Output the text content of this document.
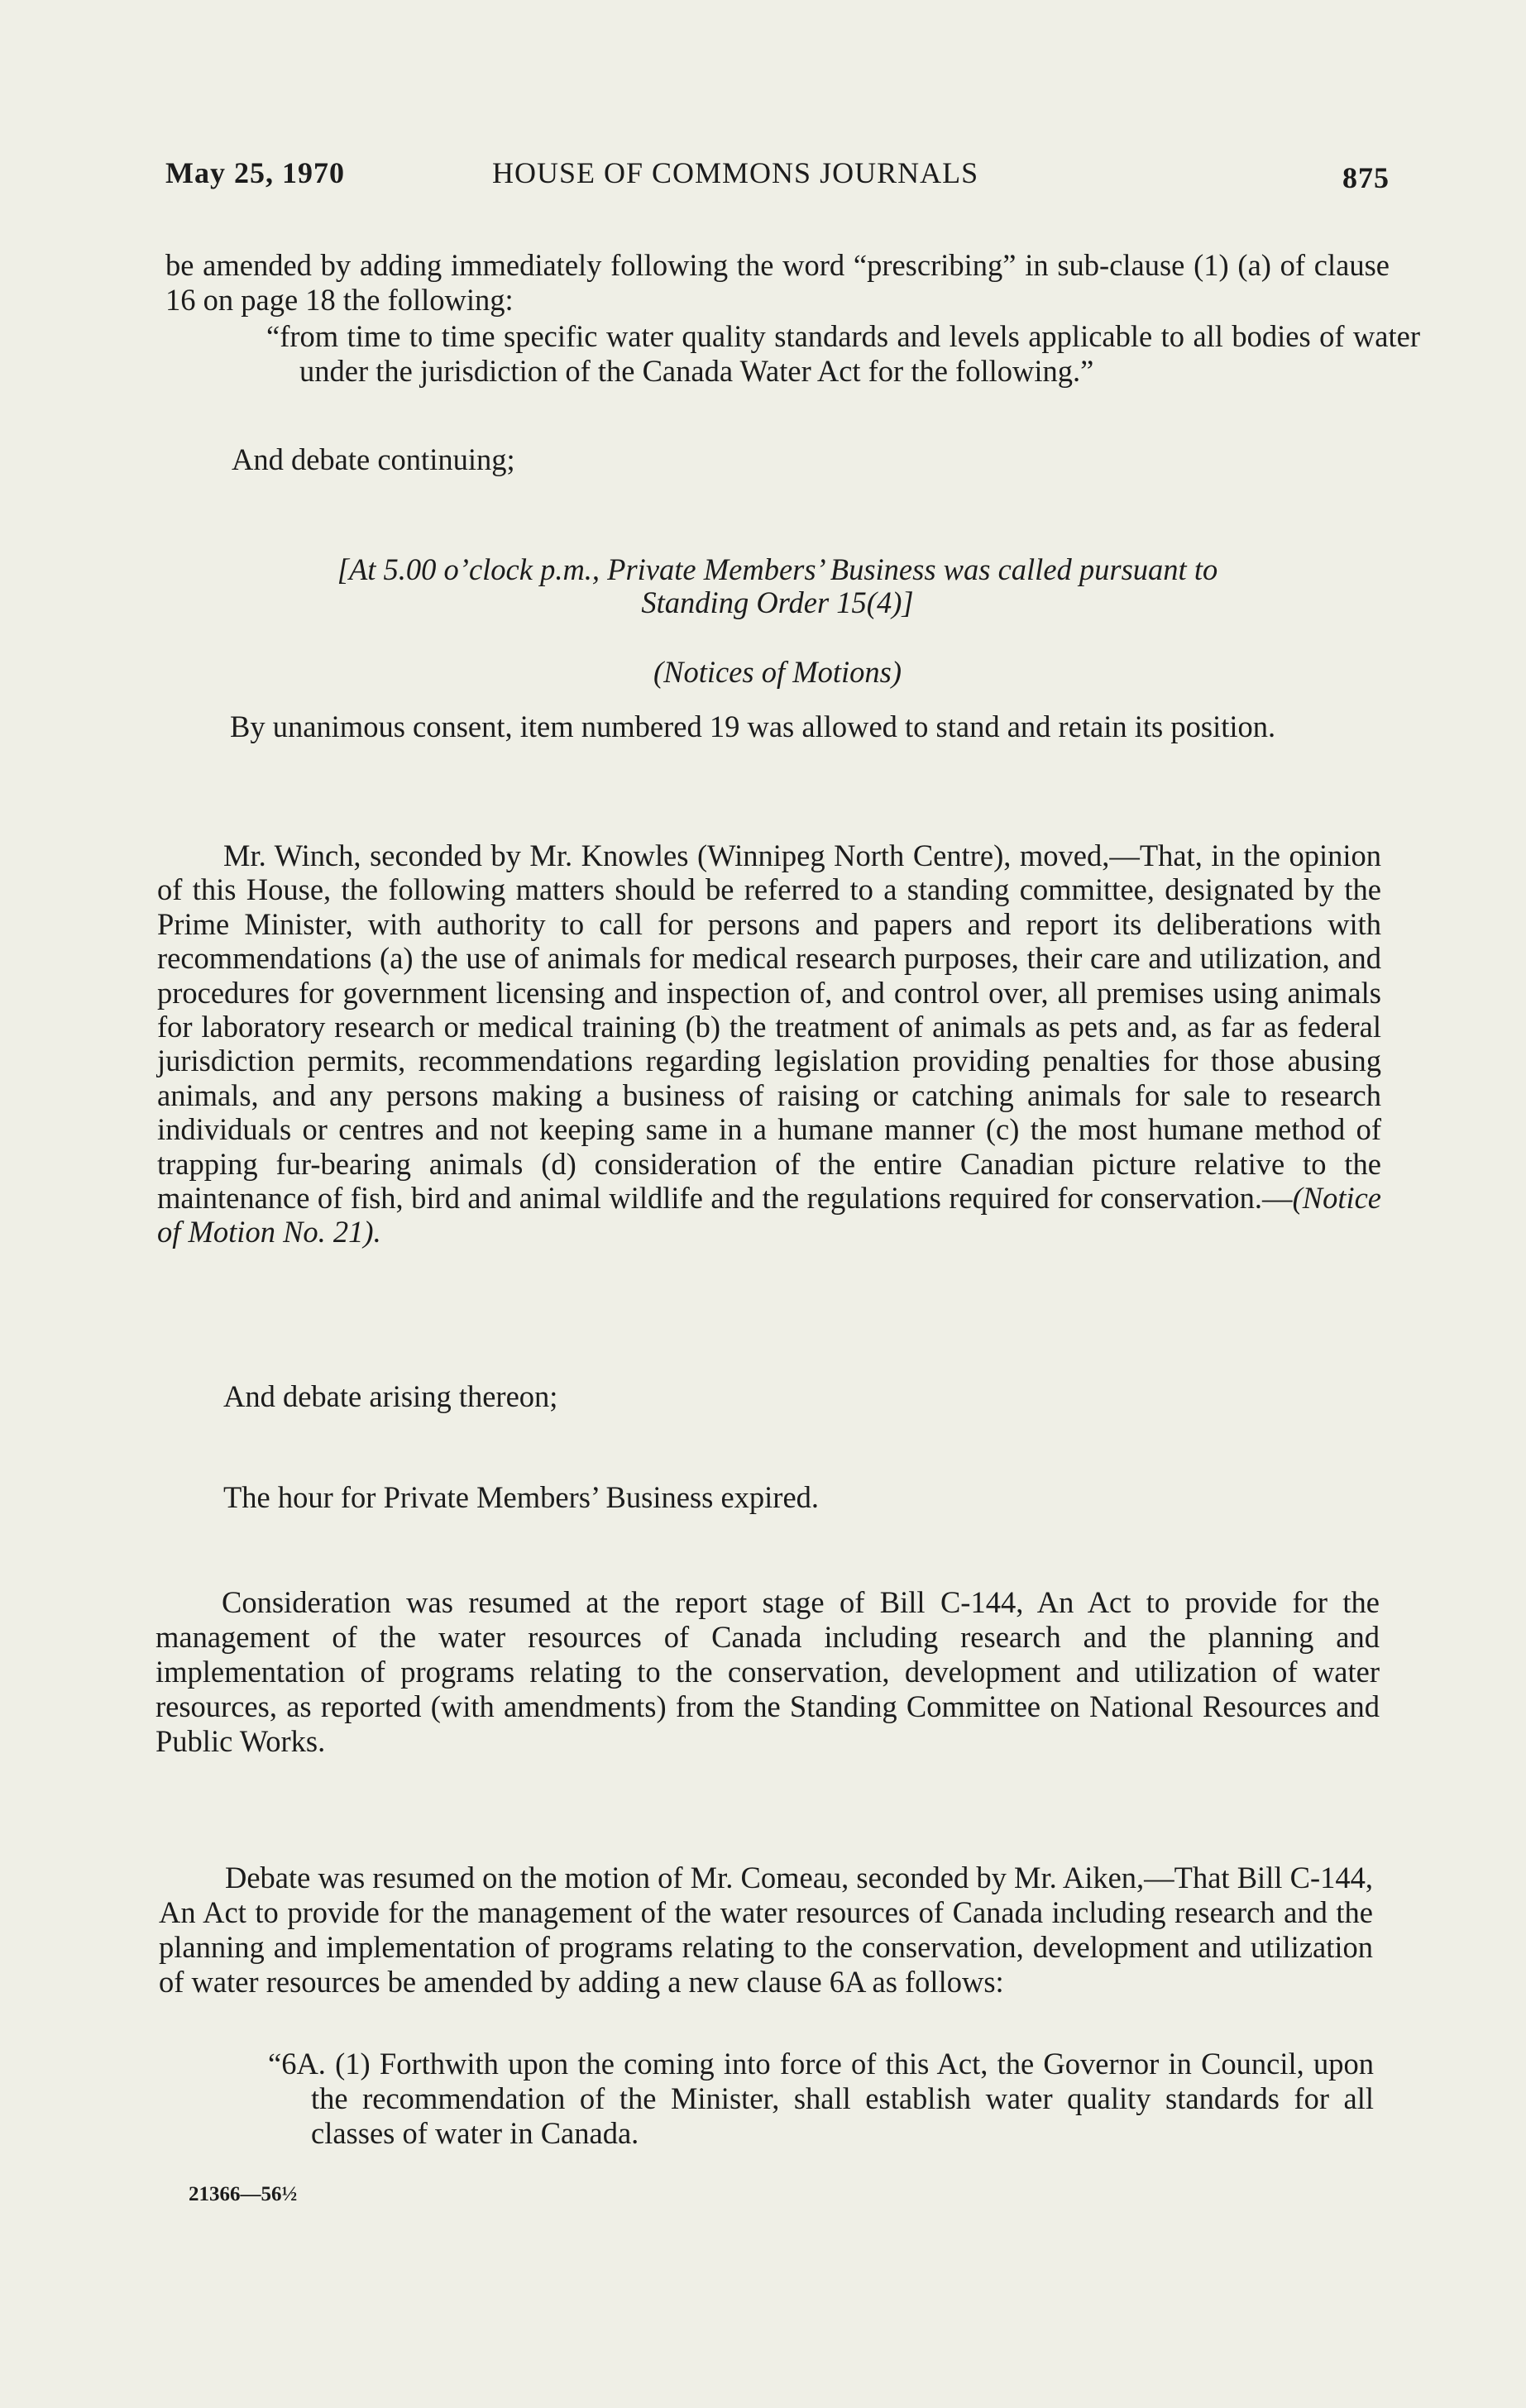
May 25, 1970	HOUSE OF COMMONS JOURNALS	875
be amended by adding immediately following the word “prescribing” in sub-clause (1) (a) of clause 16 on page 18 the following:
“from time to time specific water quality standards and levels applicable to all bodies of water under the jurisdiction of the Canada Water Act for the following.”
And debate continuing;
[At 5.00 o’clock p.m., Private Members’ Business was called pursuant to
Standing Order 15(4)]
(Notices of Motions)
By unanimous consent, item numbered 19 was allowed to stand and retain its position.
Mr. Winch, seconded by Mr. Knowles (Winnipeg North Centre), moved,—That, in the opinion of this House, the following matters should be referred to a standing committee, designated by the Prime Minister, with authority to call for persons and papers and report its deliberations with recommendations (a) the use of animals for medical research purposes, their care and utilization, and procedures for government licensing and inspection of, and control over, all premises using animals for laboratory research or medical training (b) the treatment of animals as pets and, as far as federal jurisdiction permits, recommendations regarding legislation providing penalties for those abusing animals, and any persons making a business of raising or catching animals for sale to research individuals or centres and not keeping same in a humane manner (c) the most humane method of trapping fur-bearing animals (d) consideration of the entire Canadian picture relative to the maintenance of fish, bird and animal wildlife and the regulations required for conservation.—(Notice of Motion No. 21).
And debate arising thereon;
The hour for Private Members’ Business expired.
Consideration was resumed at the report stage of Bill C-144, An Act to provide for the management of the water resources of Canada including research and the planning and implementation of programs relating to the conservation, development and utilization of water resources, as reported (with amendments) from the Standing Committee on National Resources and Public Works.
Debate was resumed on the motion of Mr. Comeau, seconded by Mr. Aiken,—That Bill C-144, An Act to provide for the management of the water resources of Canada including research and the planning and implementation of programs relating to the conservation, development and utilization of water resources be amended by adding a new clause 6A as follows:
“6A. (1) Forthwith upon the coming into force of this Act, the Governor in Council, upon the recommendation of the Minister, shall establish water quality standards for all classes of water in Canada.
21366—56½
